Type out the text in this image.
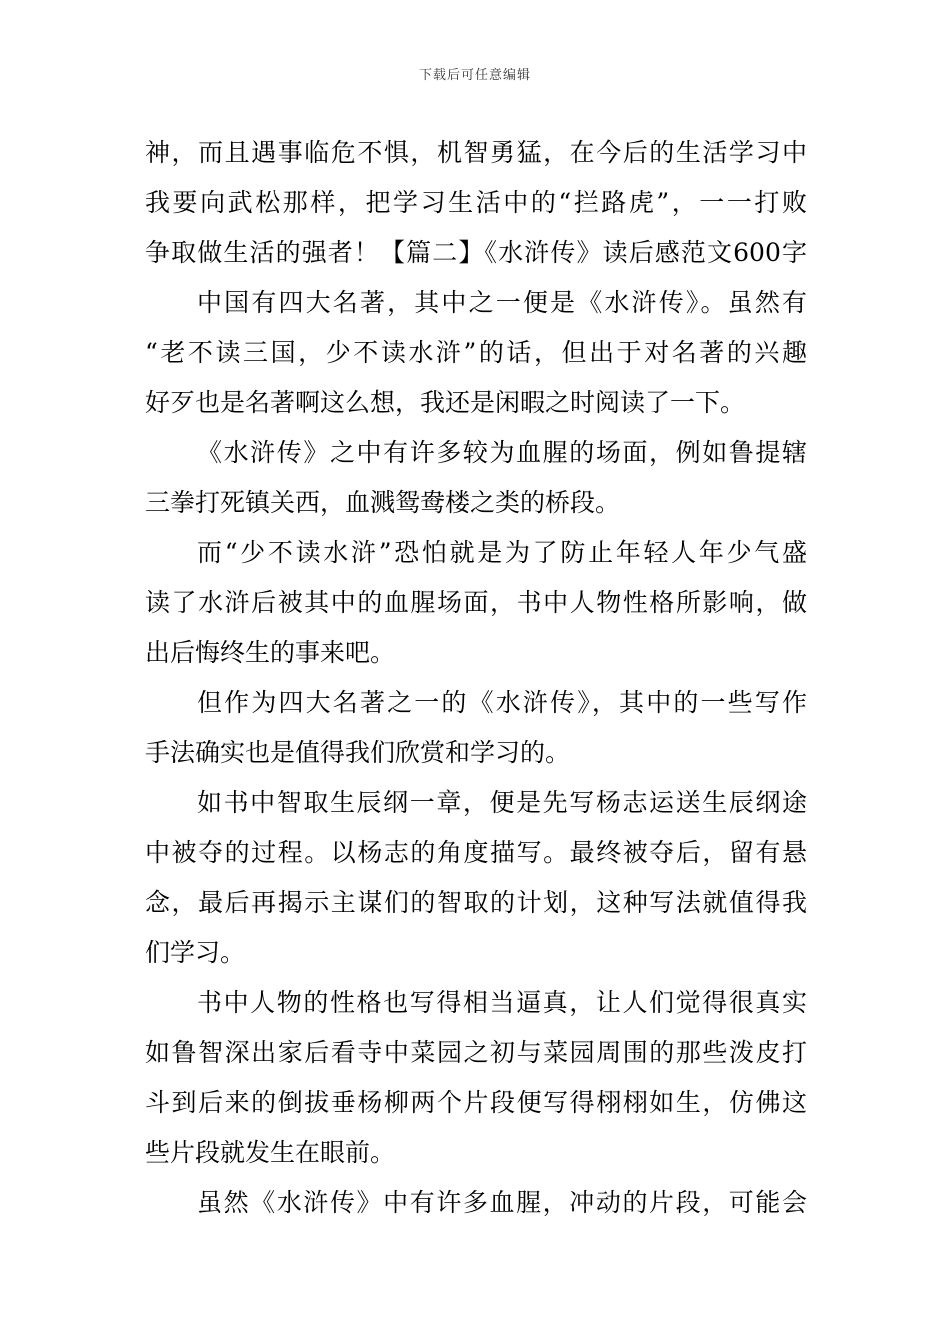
下载后可任意编辑
神，而且遇事临危不惧，机智勇猛，在今后的生活学习中
我要向武松那样，把学习生活中的“拦路虎”，一一打败
争取做生活的强者！【篇二】《水浒传》读后感范文600字
中国有四大名著，其中之一便是《水浒传》。虽然有
“老不读三国，少不读水浒”的话，但出于对名著的兴趣
好歹也是名著啊这么想，我还是闲暇之时阅读了一下。
《水浒传》之中有许多较为血腥的场面，例如鲁提辖
三拳打死镇关西，血溅鸳鸯楼之类的桥段。
而“少不读水浒”恐怕就是为了防止年轻人年少气盛
读了水浒后被其中的血腥场面，书中人物性格所影响，做
出后悔终生的事来吧。
但作为四大名著之一的《水浒传》，其中的一些写作
手法确实也是值得我们欣赏和学习的。
如书中智取生辰纲一章，便是先写杨志运送生辰纲途
中被夺的过程。以杨志的角度描写。最终被夺后，留有悬
念，最后再揭示主谋们的智取的计划，这种写法就值得我
们学习。
书中人物的性格也写得相当逼真，让人们觉得很真实
如鲁智深出家后看寺中菜园之初与菜园周围的那些泼皮打
斗到后来的倒拔垂杨柳两个片段便写得栩栩如生，仿佛这
些片段就发生在眼前。
虽然《水浒传》中有许多血腥，冲动的片段，可能会
